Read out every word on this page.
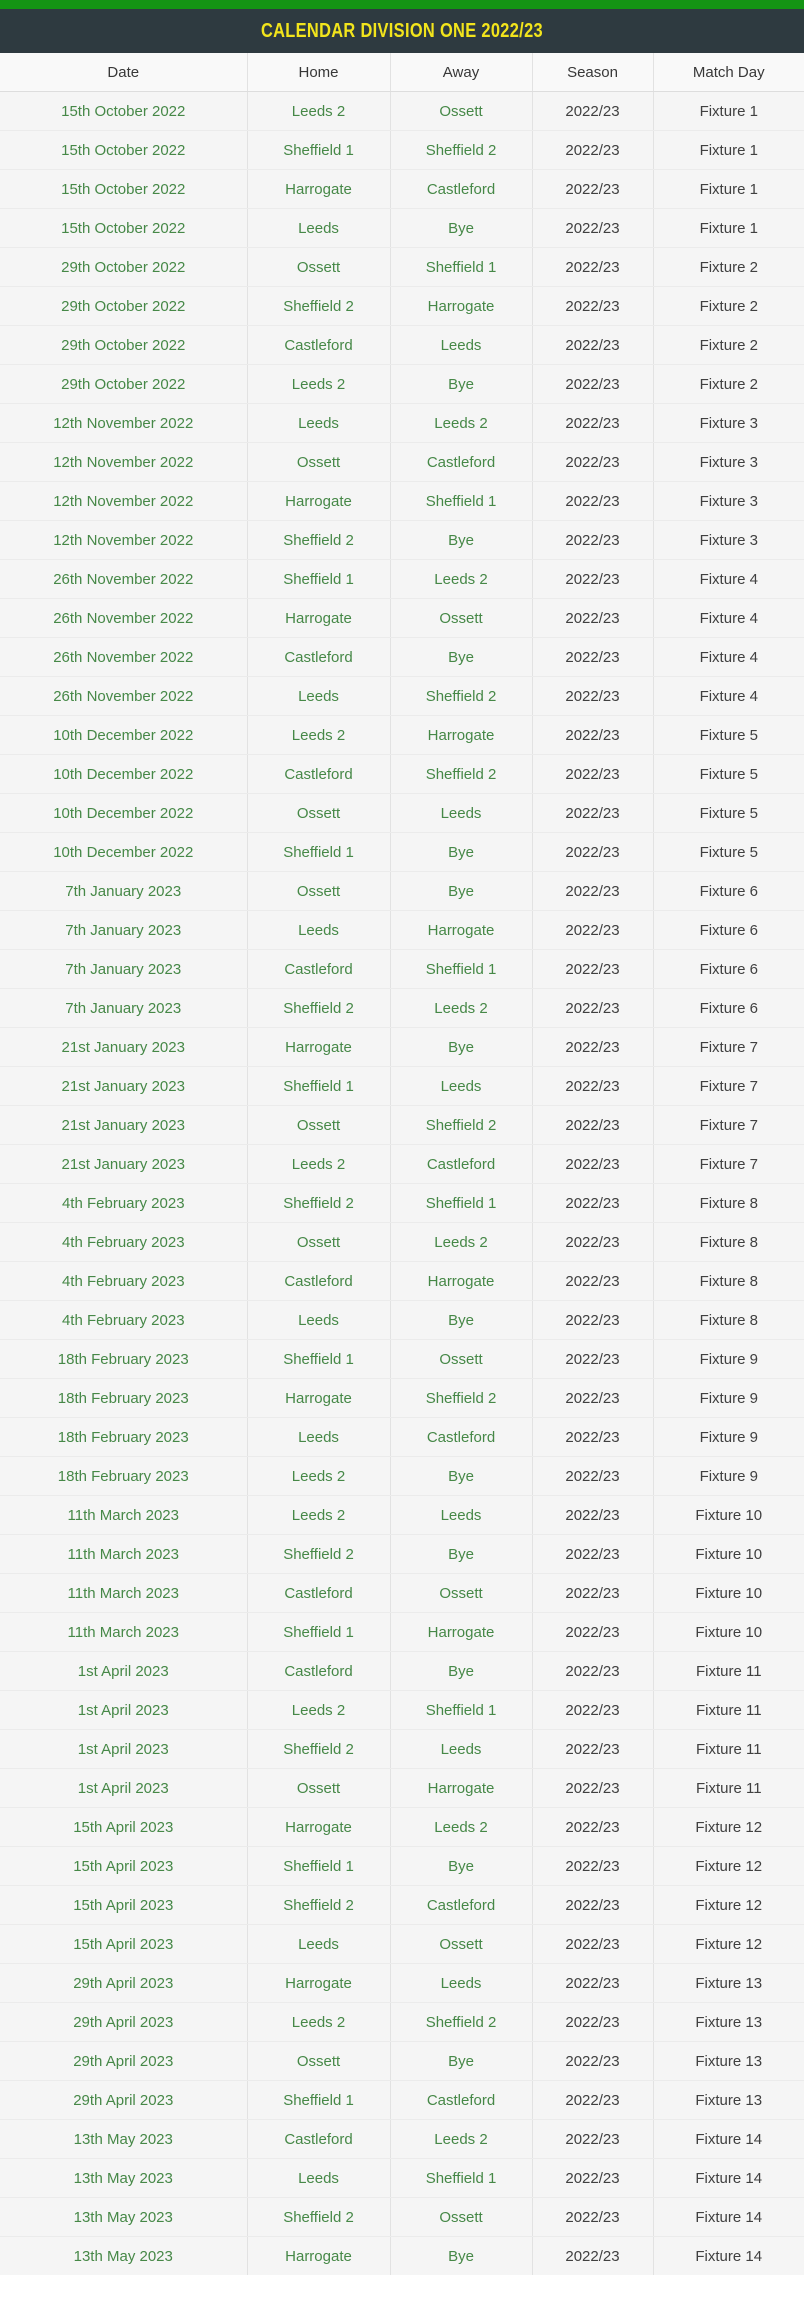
CALENDAR DIVISION ONE 2022/23
Date	Home	Away	Season	Match Day
15th October 2022	Leeds 2	Ossett	2022/23	Fixture 1
15th October 2022	Sheffield 1	Sheffield 2	2022/23	Fixture 1
15th October 2022	Harrogate	Castleford	2022/23	Fixture 1
15th October 2022	Leeds	Bye	2022/23	Fixture 1
29th October 2022	Ossett	Sheffield 1	2022/23	Fixture 2
29th October 2022	Sheffield 2	Harrogate	2022/23	Fixture 2
29th October 2022	Castleford	Leeds	2022/23	Fixture 2
29th October 2022	Leeds 2	Bye	2022/23	Fixture 2
12th November 2022	Leeds	Leeds 2	2022/23	Fixture 3
12th November 2022	Ossett	Castleford	2022/23	Fixture 3
12th November 2022	Harrogate	Sheffield 1	2022/23	Fixture 3
12th November 2022	Sheffield 2	Bye	2022/23	Fixture 3
26th November 2022	Sheffield 1	Leeds 2	2022/23	Fixture 4
26th November 2022	Harrogate	Ossett	2022/23	Fixture 4
26th November 2022	Castleford	Bye	2022/23	Fixture 4
26th November 2022	Leeds	Sheffield 2	2022/23	Fixture 4
10th December 2022	Leeds 2	Harrogate	2022/23	Fixture 5
10th December 2022	Castleford	Sheffield 2	2022/23	Fixture 5
10th December 2022	Ossett	Leeds	2022/23	Fixture 5
10th December 2022	Sheffield 1	Bye	2022/23	Fixture 5
7th January 2023	Ossett	Bye	2022/23	Fixture 6
7th January 2023	Leeds	Harrogate	2022/23	Fixture 6
7th January 2023	Castleford	Sheffield 1	2022/23	Fixture 6
7th January 2023	Sheffield 2	Leeds 2	2022/23	Fixture 6
21st January 2023	Harrogate	Bye	2022/23	Fixture 7
21st January 2023	Sheffield 1	Leeds	2022/23	Fixture 7
21st January 2023	Ossett	Sheffield 2	2022/23	Fixture 7
21st January 2023	Leeds 2	Castleford	2022/23	Fixture 7
4th February 2023	Sheffield 2	Sheffield 1	2022/23	Fixture 8
4th February 2023	Ossett	Leeds 2	2022/23	Fixture 8
4th February 2023	Castleford	Harrogate	2022/23	Fixture 8
4th February 2023	Leeds	Bye	2022/23	Fixture 8
18th February 2023	Sheffield 1	Ossett	2022/23	Fixture 9
18th February 2023	Harrogate	Sheffield 2	2022/23	Fixture 9
18th February 2023	Leeds	Castleford	2022/23	Fixture 9
18th February 2023	Leeds 2	Bye	2022/23	Fixture 9
11th March 2023	Leeds 2	Leeds	2022/23	Fixture 10
11th March 2023	Sheffield 2	Bye	2022/23	Fixture 10
11th March 2023	Castleford	Ossett	2022/23	Fixture 10
11th March 2023	Sheffield 1	Harrogate	2022/23	Fixture 10
1st April 2023	Castleford	Bye	2022/23	Fixture 11
1st April 2023	Leeds 2	Sheffield 1	2022/23	Fixture 11
1st April 2023	Sheffield 2	Leeds	2022/23	Fixture 11
1st April 2023	Ossett	Harrogate	2022/23	Fixture 11
15th April 2023	Harrogate	Leeds 2	2022/23	Fixture 12
15th April 2023	Sheffield 1	Bye	2022/23	Fixture 12
15th April 2023	Sheffield 2	Castleford	2022/23	Fixture 12
15th April 2023	Leeds	Ossett	2022/23	Fixture 12
29th April 2023	Harrogate	Leeds	2022/23	Fixture 13
29th April 2023	Leeds 2	Sheffield 2	2022/23	Fixture 13
29th April 2023	Ossett	Bye	2022/23	Fixture 13
29th April 2023	Sheffield 1	Castleford	2022/23	Fixture 13
13th May 2023	Castleford	Leeds 2	2022/23	Fixture 14
13th May 2023	Leeds	Sheffield 1	2022/23	Fixture 14
13th May 2023	Sheffield 2	Ossett	2022/23	Fixture 14
13th May 2023	Harrogate	Bye	2022/23	Fixture 14
